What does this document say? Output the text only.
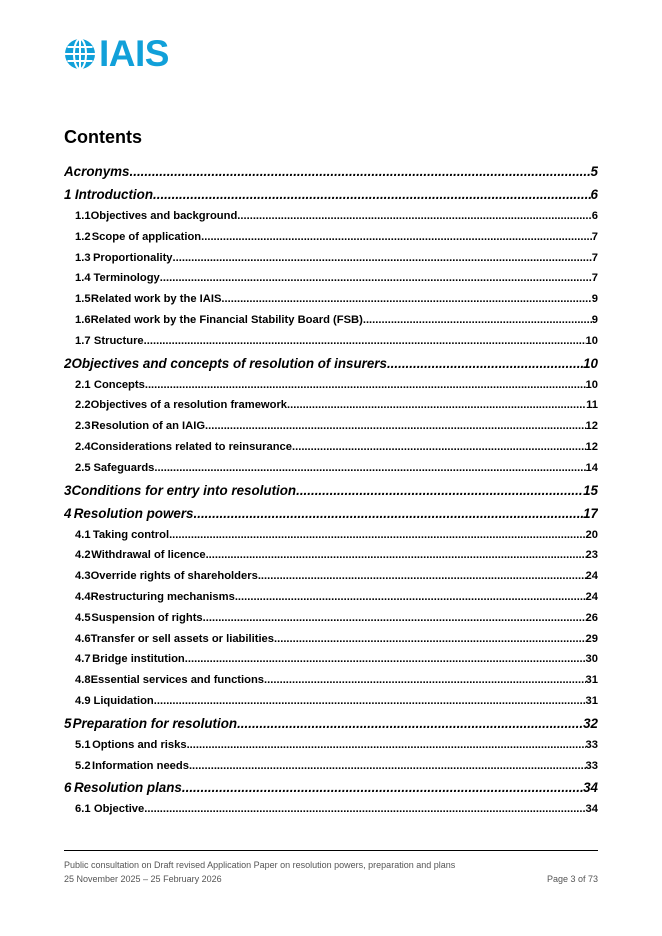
IAIS
Contents
Acronyms .....	5
1 Introduction .....	6
1.1 Objectives and background .....	6
1.2 Scope of application .....	7
1.3 Proportionality .....	7
1.4 Terminology .....	7
1.5 Related work by the IAIS .....	9
1.6 Related work by the Financial Stability Board (FSB) .....	9
1.7 Structure .....	10
2 Objectives and concepts of resolution of insurers .....	10
2.1 Concepts .....	10
2.2 Objectives of a resolution framework .....	11
2.3 Resolution of an IAIG .....	12
2.4 Considerations related to reinsurance .....	12
2.5 Safeguards .....	14
3 Conditions for entry into resolution .....	15
4 Resolution powers .....	17
4.1 Taking control .....	20
4.2 Withdrawal of licence .....	23
4.3 Override rights of shareholders .....	24
4.4 Restructuring mechanisms .....	24
4.5 Suspension of rights .....	26
4.6 Transfer or sell assets or liabilities .....	29
4.7 Bridge institution .....	30
4.8 Essential services and functions .....	31
4.9 Liquidation .....	31
5 Preparation for resolution .....	32
5.1 Options and risks .....	33
5.2 Information needs .....	33
6 Resolution plans .....	34
6.1 Objective .....	34
Public consultation on Draft revised Application Paper on resolution powers, preparation and plans
25 November 2025 – 25 February 2026	Page 3 of 73
